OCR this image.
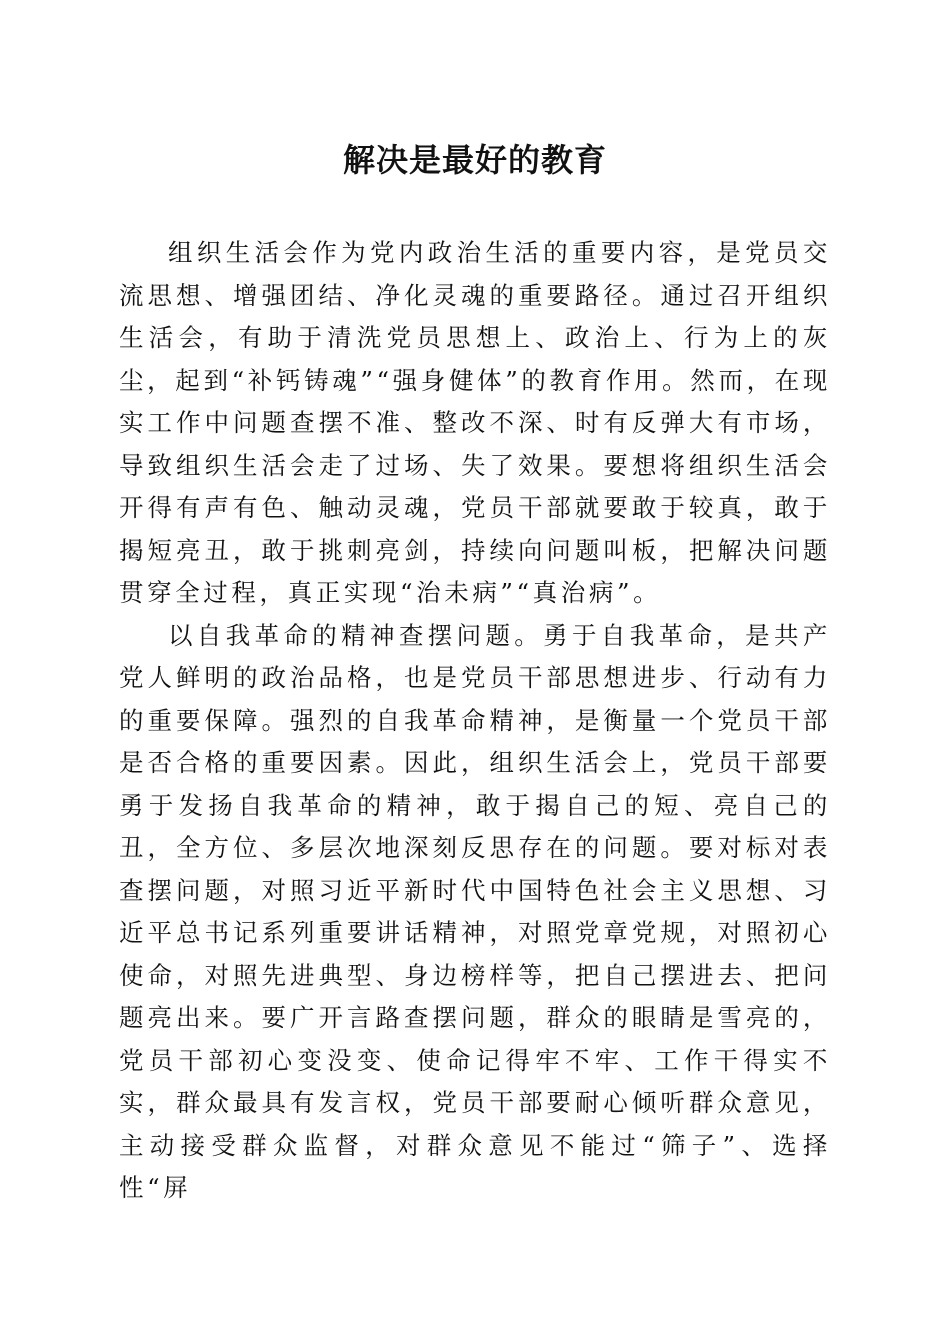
解决是最好的教育

组织生活会作为党内政治生活的重要内容，是党员交流思想、增强团结、净化灵魂的重要路径。通过召开组织生活会，有助于清洗党员思想上、政治上、行为上的灰尘，起到“补钙铸魂”“强身健体”的教育作用。然而，在现实工作中问题查摆不准、整改不深、时有反弹大有市场，导致组织生活会走了过场、失了效果。要想将组织生活会开得有声有色、触动灵魂，党员干部就要敢于较真，敢于揭短亮丑，敢于挑刺亮剑，持续向问题叫板，把解决问题贯穿全过程，真正实现“治未病”“真治病”。

以自我革命的精神查摆问题。勇于自我革命，是共产党人鲜明的政治品格，也是党员干部思想进步、行动有力的重要保障。强烈的自我革命精神，是衡量一个党员干部是否合格的重要因素。因此，组织生活会上，党员干部要勇于发扬自我革命的精神，敢于揭自己的短、亮自己的丑，全方位、多层次地深刻反思存在的问题。要对标对表查摆问题，对照习近平新时代中国特色社会主义思想、习近平总书记系列重要讲话精神，对照党章党规，对照初心使命，对照先进典型、身边榜样等，把自己摆进去、把问题亮出来。要广开言路查摆问题，群众的眼睛是雪亮的，党员干部初心变没变、使命记得牢不牢、工作干得实不实，群众最具有发言权，党员干部要耐心倾听群众意见，主动接受群众监督，对群众意见不能过“筛子”、选择性“屏
